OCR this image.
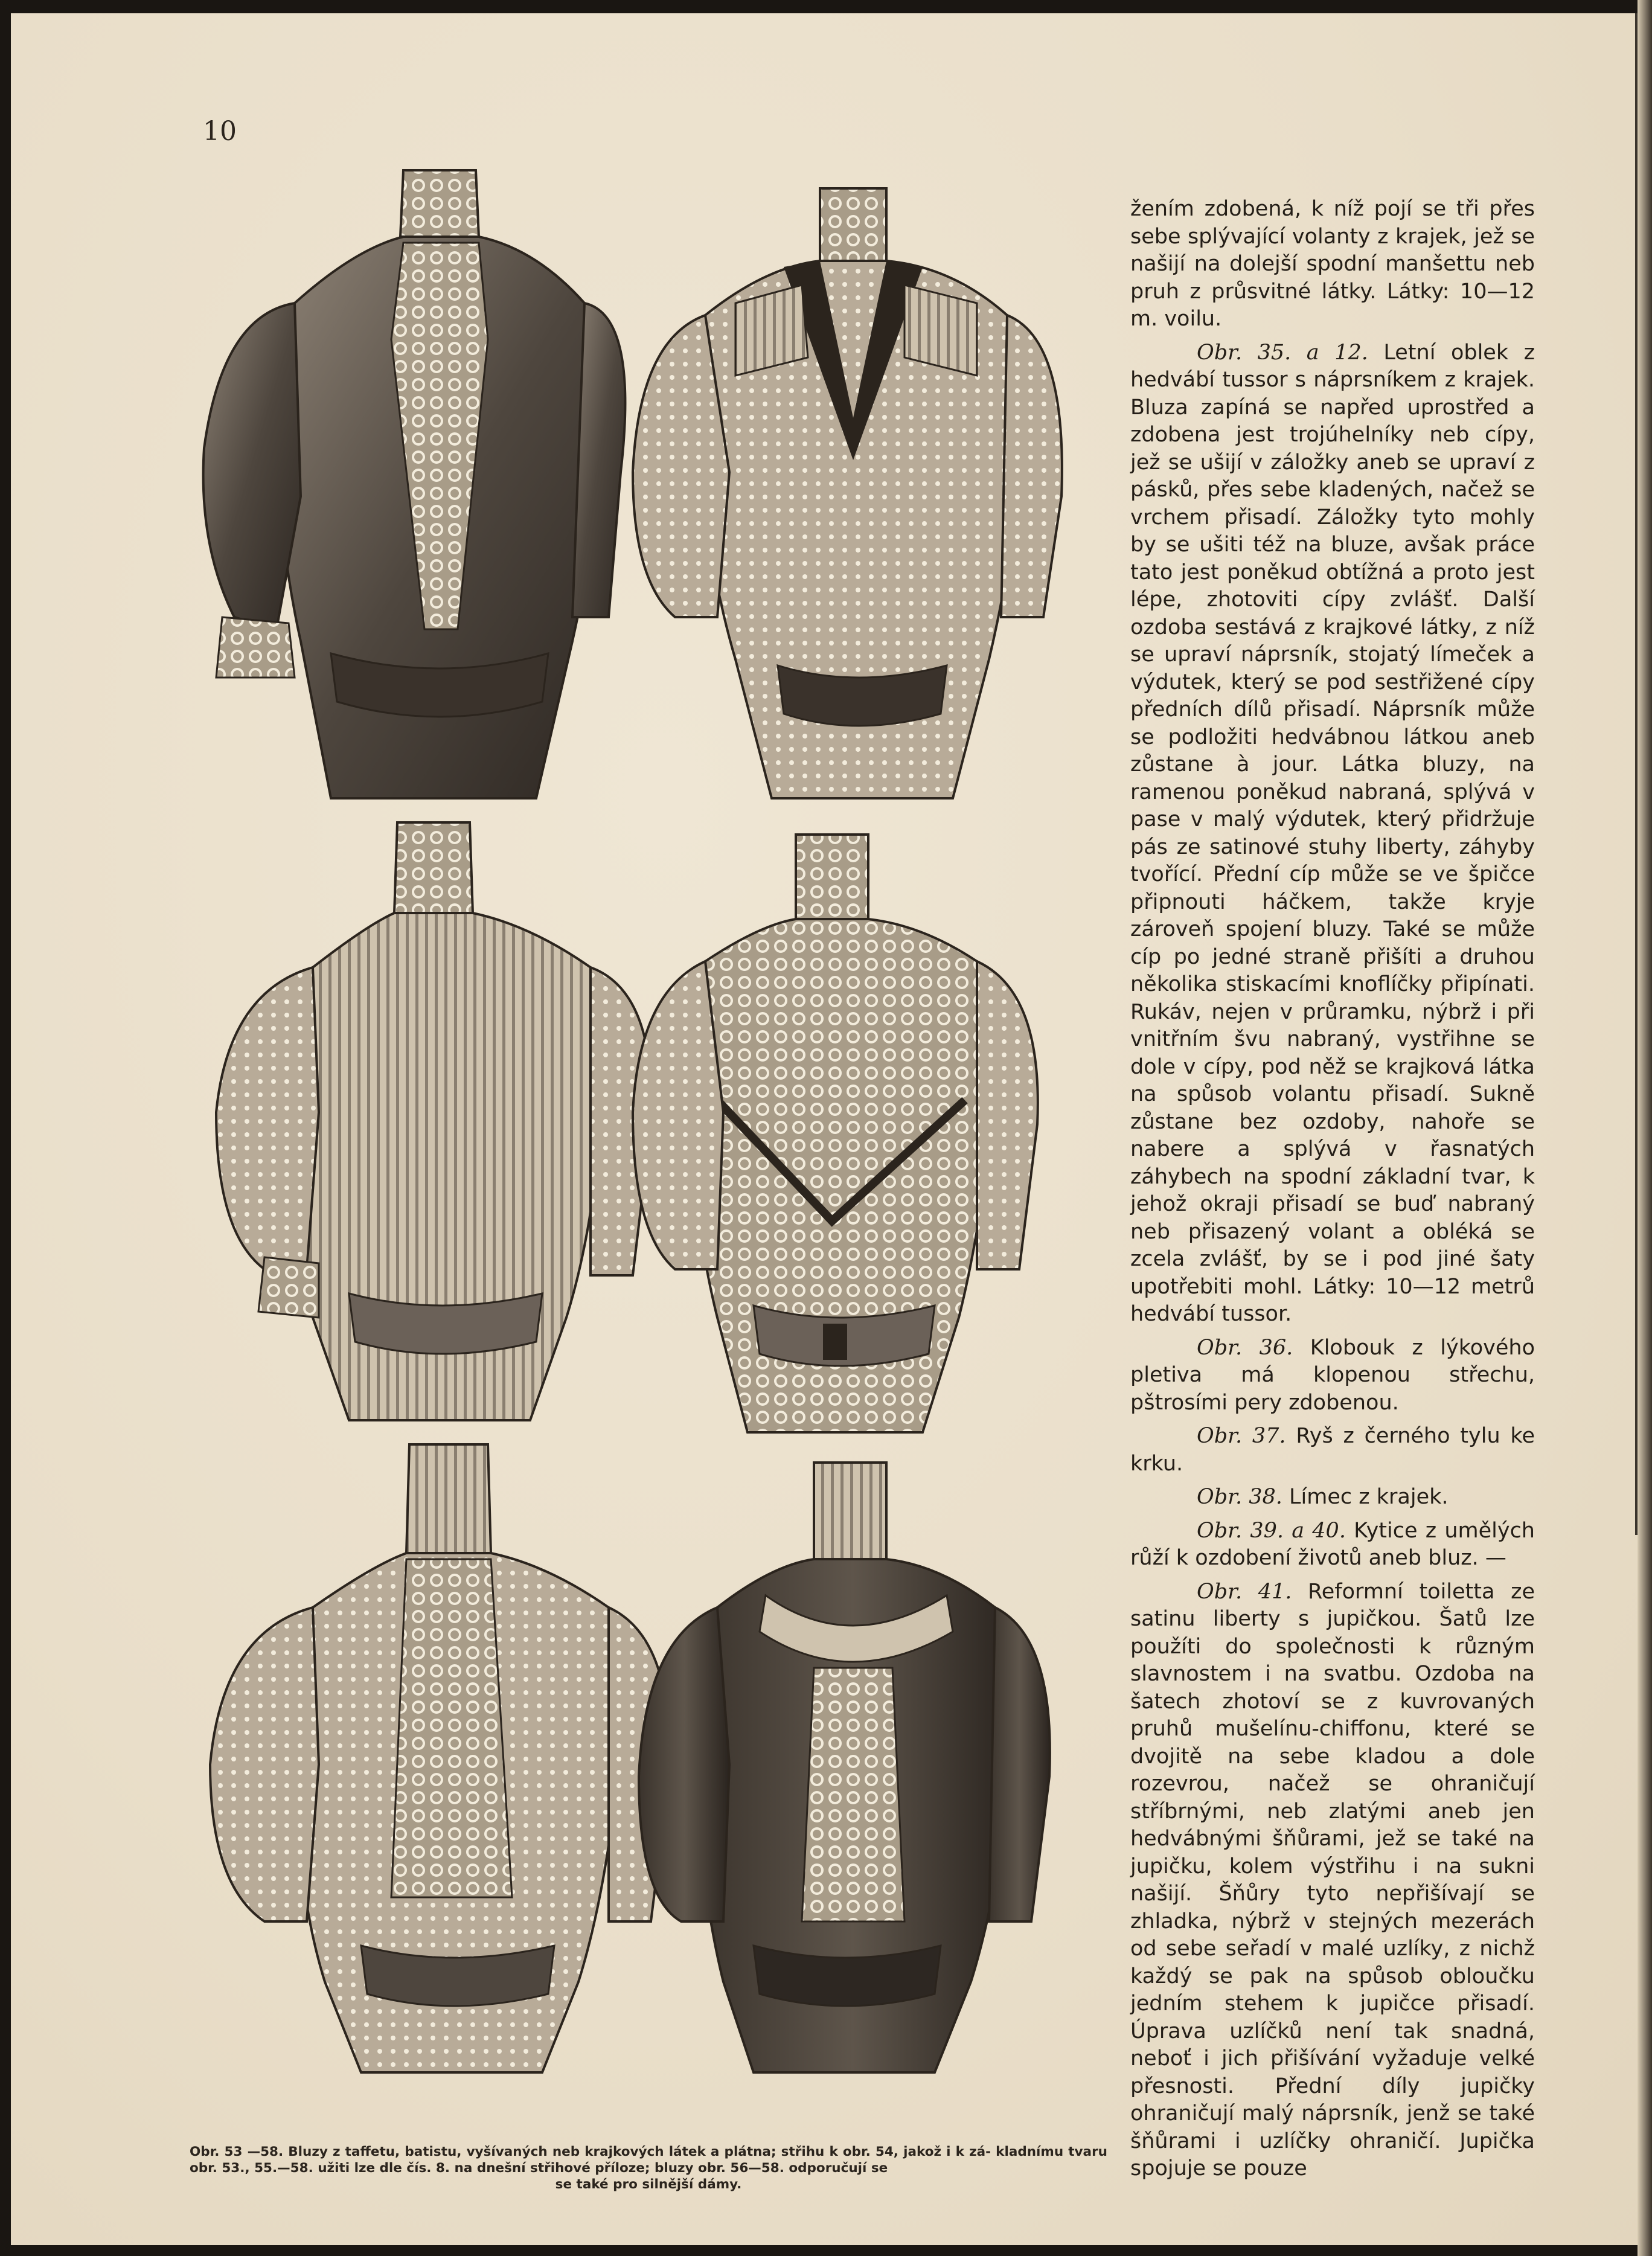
10
Obr. 53 —58. Bluzy z taffetu, batistu, vyšívaných neb krajkových látek a plátna; střihu k obr. 54, jakož i k zá- kladnímu tvaru obr. 53., 55.—58. užiti lze dle čís. 8. na dnešní střihové příloze; bluzy obr. 56—58. odporučují se
se také pro silnější dámy.

žením zdobená, k níž pojí se tři přes sebe splývající volanty z krajek, jež se našijí na dolejší spodní manšettu neb pruh z průsvitné látky. Látky: 10—12 m. voilu.

Obr. 35. a 12. Letní oblek z hedvábí tussor s náprsníkem z krajek. Bluza zapíná se napřed uprostřed a zdobena jest trojúhelníky neb cípy, jež se ušijí v záložky aneb se upraví z pásků, přes sebe kladených, načež se vrchem přisadí. Záložky tyto mohly by se ušiti též na bluze, avšak práce tato jest poněkud obtížná a proto jest lépe, zhotoviti cípy zvlášť. Další ozdoba sestává z krajkové látky, z níž se upraví náprsník, stojatý límeček a výdutek, který se pod sestřižené cípy předních dílů přisadí. Náprsník může se podložiti hedvábnou látkou aneb zůstane à jour. Látka bluzy, na ramenou poněkud nabraná, splývá v pase v malý výdutek, který přidržuje pás ze satinové stuhy liberty, záhyby tvořící. Přední cíp může se ve špičce připnouti háčkem, takže kryje zároveň spojení bluzy. Také se může cíp po jedné straně přišíti a druhou několika stiskacími knoflíčky připínati. Rukáv, nejen v průramku, nýbrž i při vnitřním švu nabraný, vystřihne se dole v cípy, pod něž se krajková látka na spůsob volantu přisadí. Sukně zůstane bez ozdoby, nahoře se nabere a splývá v řasnatých záhybech na spodní základní tvar, k jehož okraji přisadí se buď nabraný neb přisazený volant a obléká se zcela zvlášť, by se i pod jiné šaty upotřebiti mohl. Látky: 10—12 metrů hedvábí tussor.

Obr. 36. Klobouk z lýkového pletiva má klopenou střechu, pštrosími pery zdobenou.

Obr. 37. Ryš z černého tylu ke krku.

Obr. 38. Límec z krajek.

Obr. 39. a 40. Kytice z umělých růží k ozdobení životů aneb bluz. —

Obr. 41. Reformní toiletta ze satinu liberty s jupičkou. Šatů lze použíti do společnosti k různým slavnostem i na svatbu. Ozdoba na šatech zhotoví se z kuvrovaných pruhů mušelínu-chiffonu, které se dvojitě na sebe kladou a dole rozevrou, načež se ohraničují stříbrnými, neb zlatými aneb jen hedvábnými šňůrami, jež se také na jupičku, kolem výstřihu i na sukni našijí. Šňůry tyto nepřišívají se zhladka, nýbrž v stejných mezerách od sebe seřadí v malé uzlíky, z nichž každý se pak na spůsob obloučku jedním stehem k jupičce přisadí. Úprava uzlíčků není tak snadná, neboť i jich přišívání vyžaduje velké přesnosti. Přední díly jupičky ohraničují malý náprsník, jenž se také šňůrami i uzlíčky ohraničí. Jupička spojuje se pouze
